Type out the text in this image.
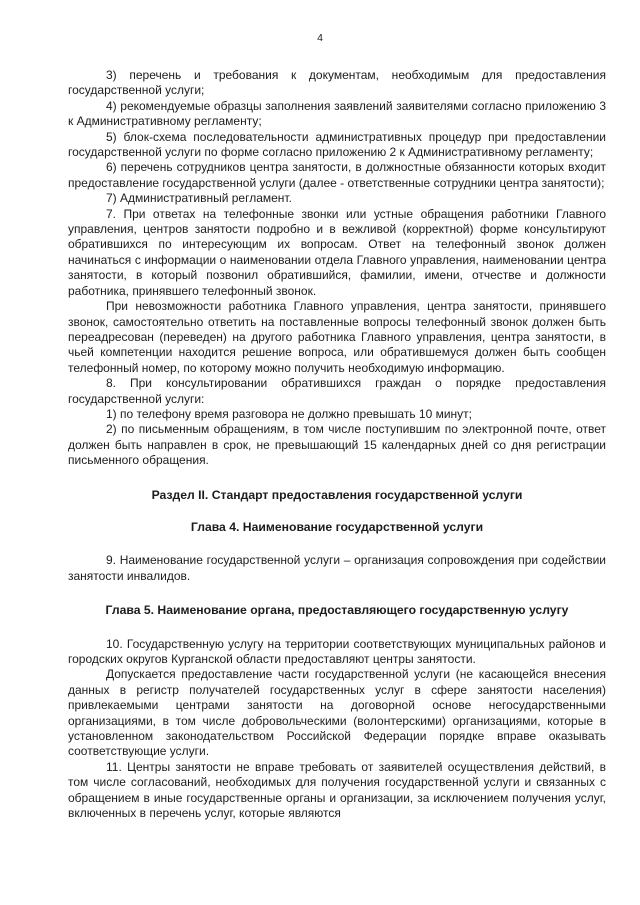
4

3) перечень и требования к документам, необходимым для предоставления государственной услуги;

4) рекомендуемые образцы заполнения заявлений заявителями согласно приложению 3 к Административному регламенту;

5) блок-схема последовательности административных процедур при предоставлении государственной услуги по форме согласно приложению 2 к Административному регламенту;

6) перечень сотрудников центра занятости, в должностные обязанности которых входит предоставление государственной услуги (далее - ответственные сотрудники центра занятости);

7) Административный регламент.

7. При ответах на телефонные звонки или устные обращения работники Главного управления, центров занятости подробно и в вежливой (корректной) форме консультируют обратившихся по интересующим их вопросам. Ответ на телефонный звонок должен начинаться с информации о наименовании отдела Главного управления, наименовании центра занятости, в который позвонил обратившийся, фамилии, имени, отчестве и должности работника, принявшего телефонный звонок.

При невозможности работника Главного управления, центра занятости, принявшего звонок, самостоятельно ответить на поставленные вопросы телефонный звонок должен быть переадресован (переведен) на другого работника Главного управления, центра занятости, в чьей компетенции находится решение вопроса, или обратившемуся должен быть сообщен телефонный номер, по которому можно получить необходимую информацию.

8. При консультировании обратившихся граждан о порядке предоставления государственной услуги:

1) по телефону время разговора не должно превышать 10 минут;

2) по письменным обращениям, в том числе поступившим по электронной почте, ответ должен быть направлен в срок, не превышающий 15 календарных дней со дня регистрации письменного обращения.

Раздел II. Стандарт предоставления государственной услуги

Глава 4. Наименование государственной услуги

9. Наименование государственной услуги – организация сопровождения при содействии занятости инвалидов.

Глава 5. Наименование органа, предоставляющего государственную услугу

10. Государственную услугу на территории соответствующих муниципальных районов и городских округов Курганской области предоставляют центры занятости.

Допускается предоставление части государственной услуги (не касающейся внесения данных в регистр получателей государственных услуг в сфере занятости населения) привлекаемыми центрами занятости на договорной основе негосударственными организациями, в том числе добровольческими (волонтерскими) организациями, которые в установленном законодательством Российской Федерации порядке вправе оказывать соответствующие услуги.

11. Центры занятости не вправе требовать от заявителей осуществления действий, в том числе согласований, необходимых для получения государственной услуги и связанных с обращением в иные государственные органы и организации, за исключением получения услуг, включенных в перечень услуг, которые являются
